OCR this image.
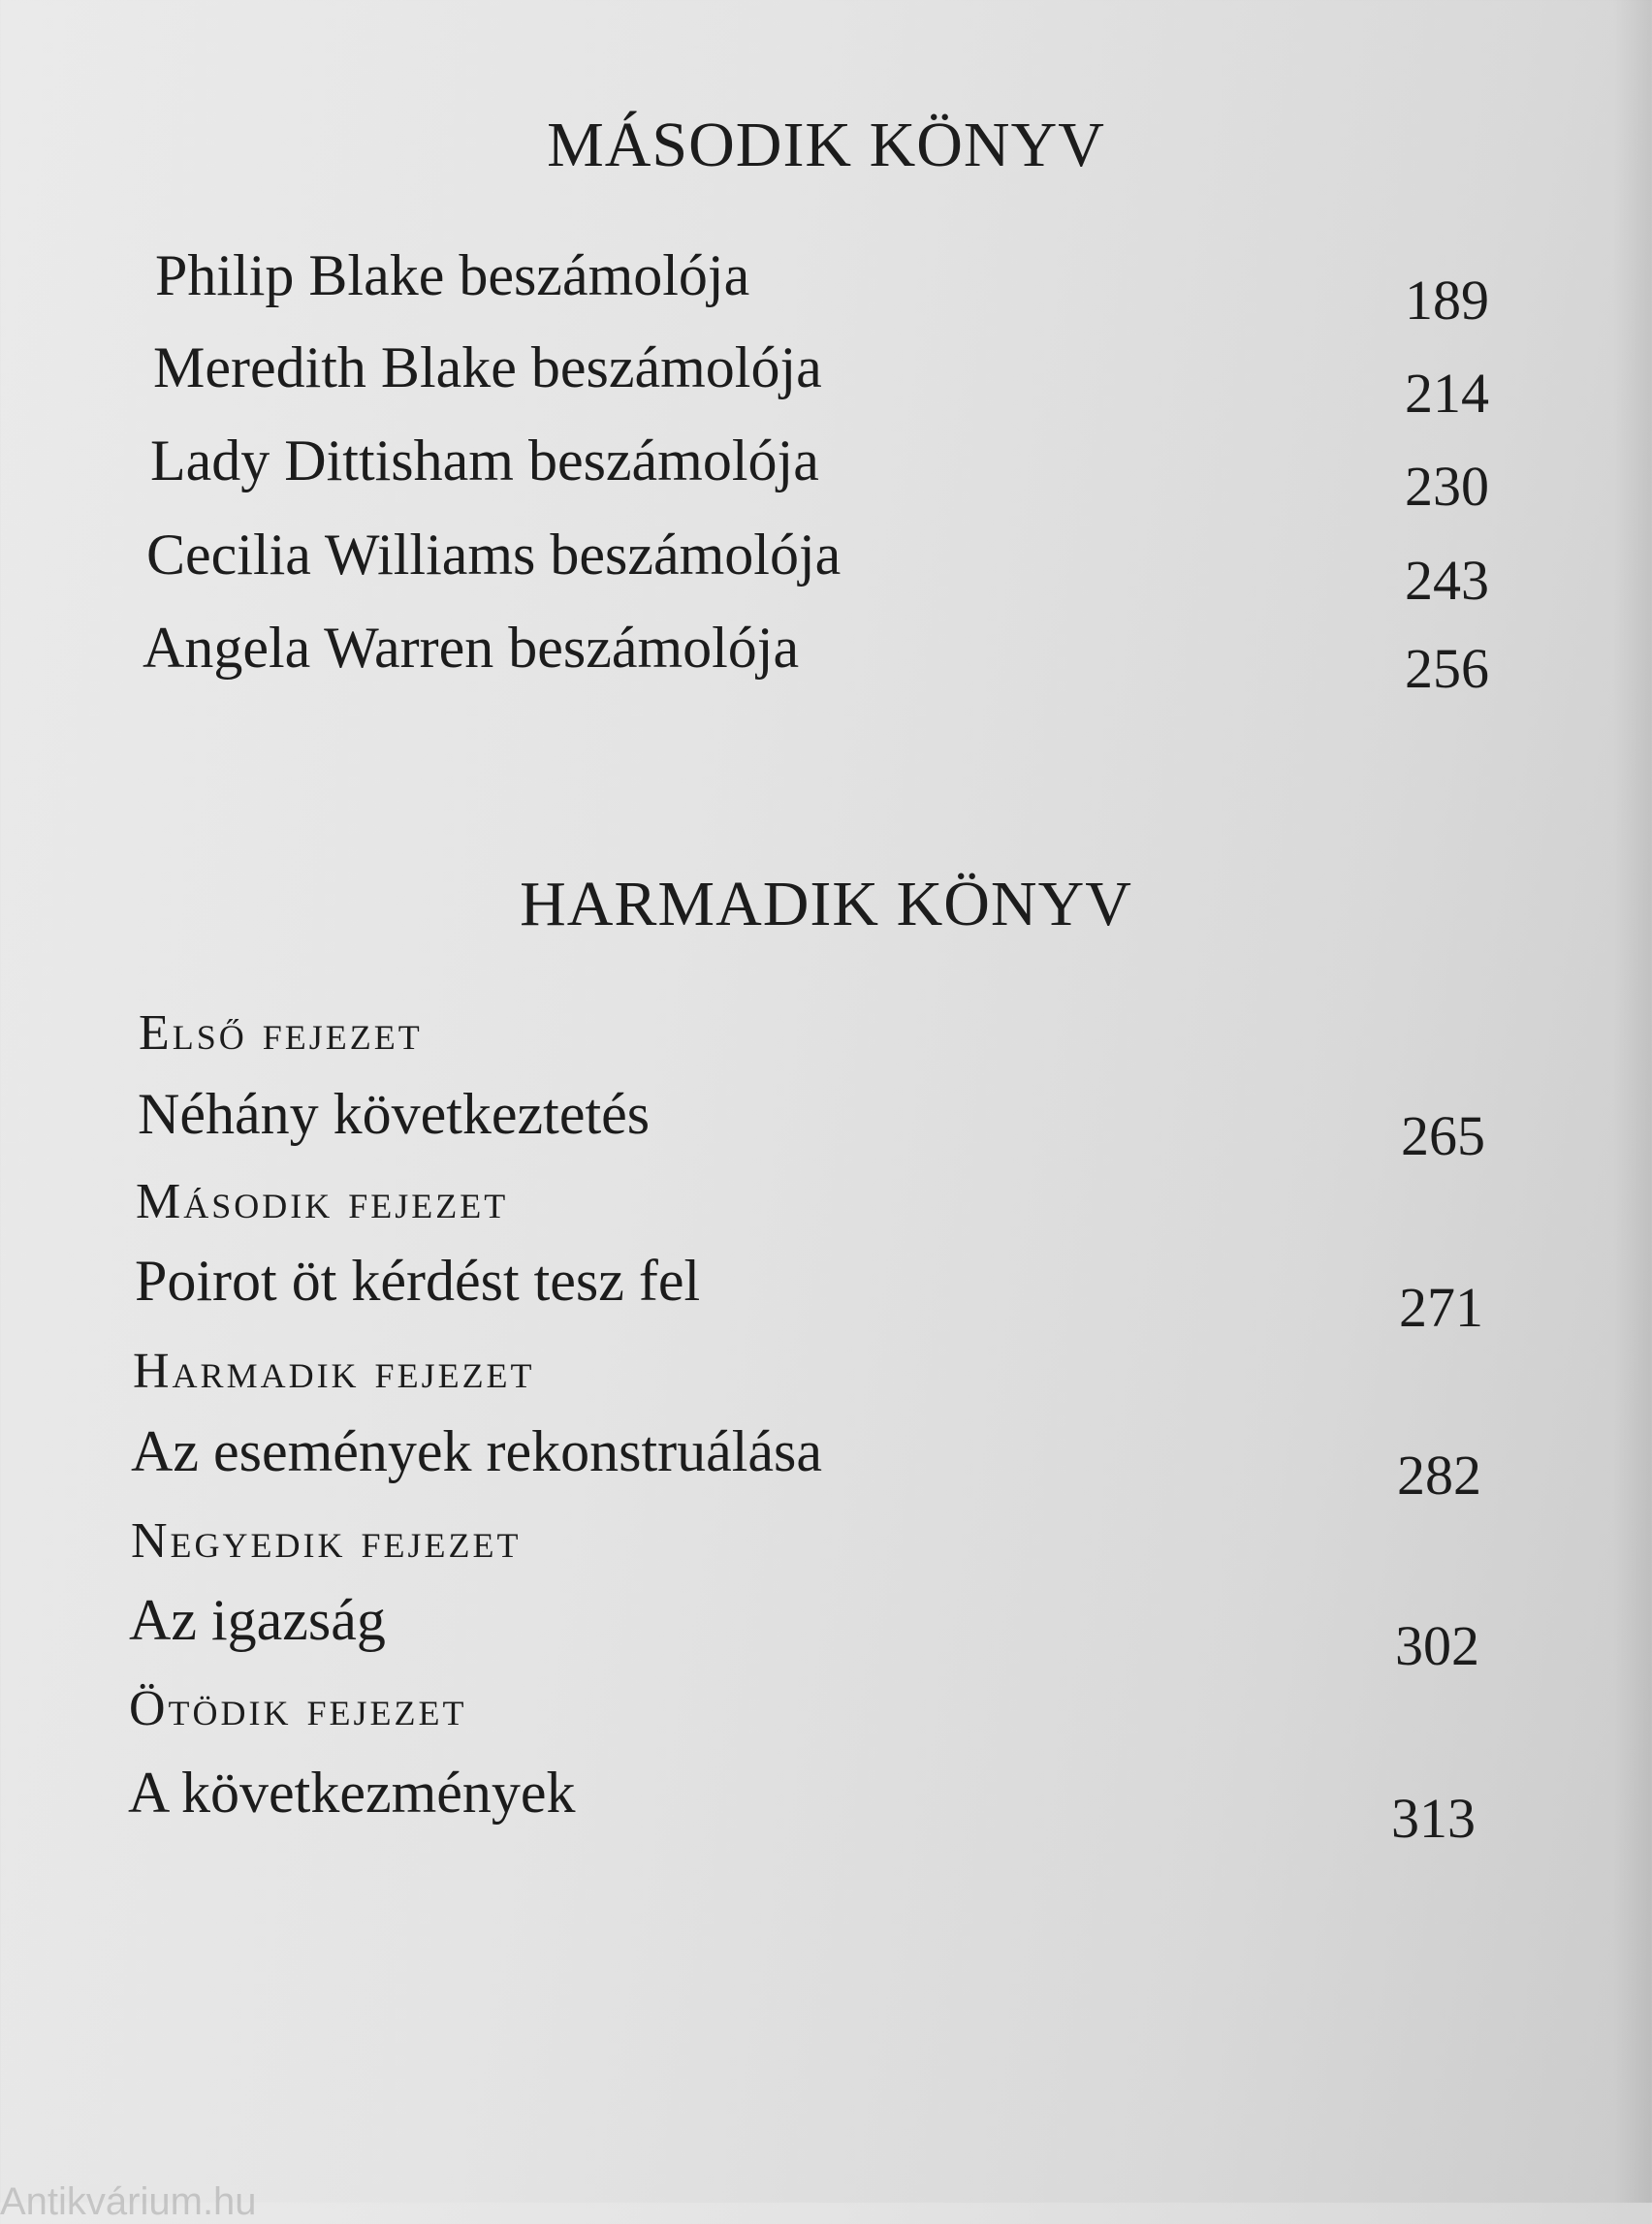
MÁSODIK KÖNYV
Philip Blake beszámolója	189
Meredith Blake beszámolója	214
Lady Dittisham beszámolója	230
Cecilia Williams beszámolója	243
Angela Warren beszámolója	256
HARMADIK KÖNYV
Első fejezet
Néhány következtetés	265
Második fejezet
Poirot öt kérdést tesz fel	271
Harmadik fejezet
Az események rekonstruálása	282
Negyedik fejezet
Az igazság	302
Ötödik fejezet
A következmények	313
Antikvárium.hu
